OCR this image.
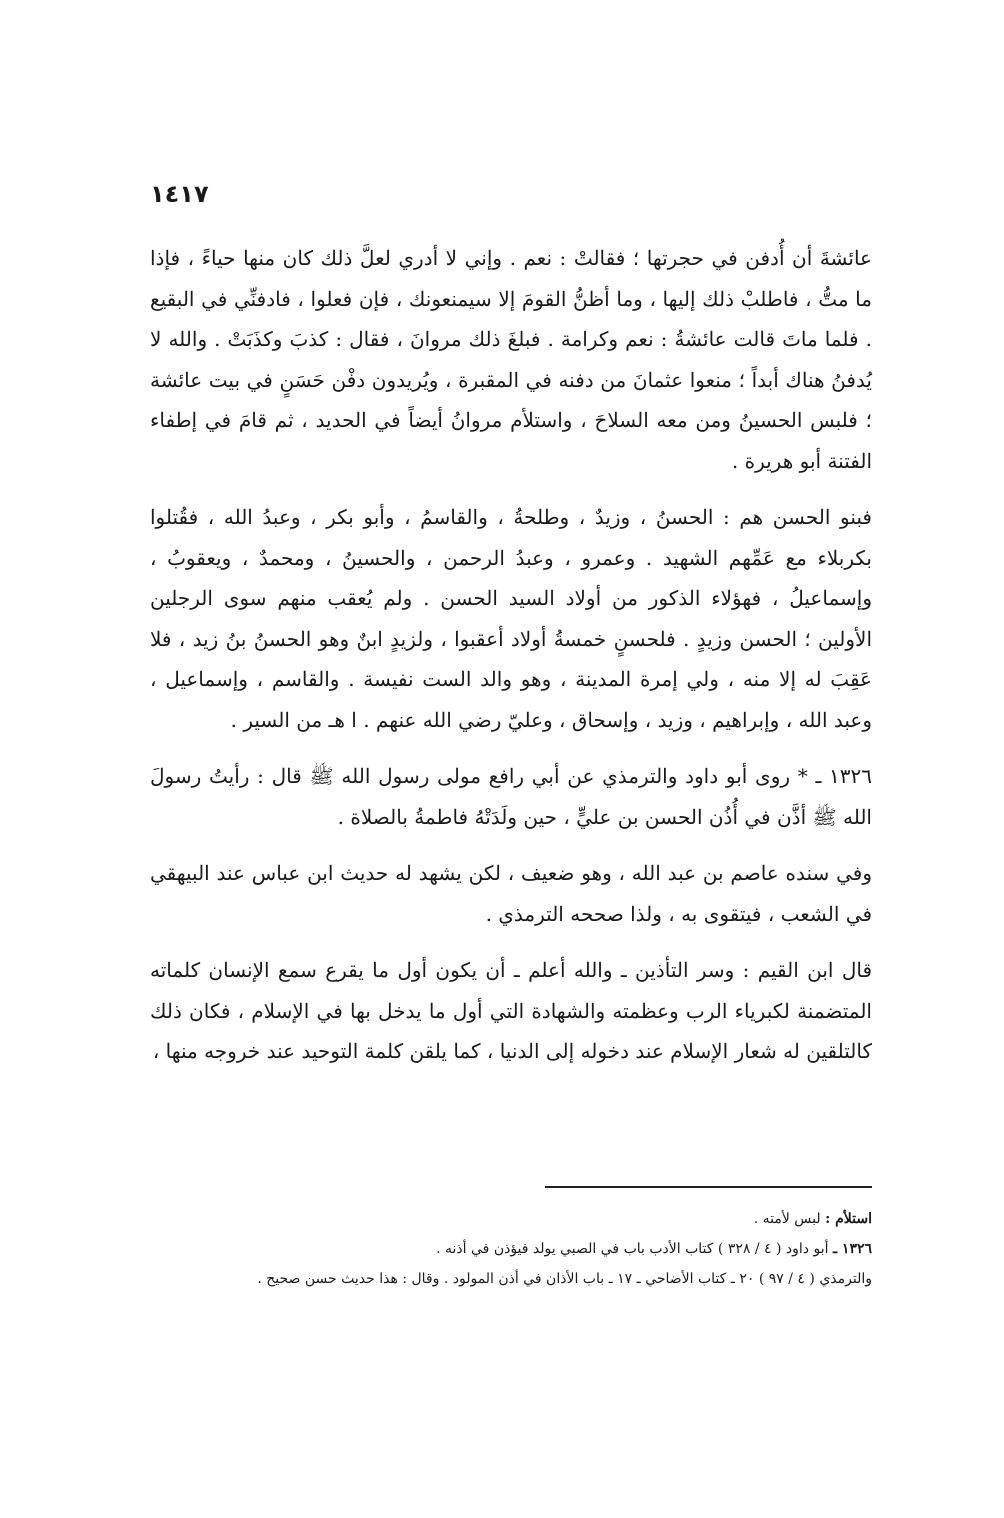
١٤١٧

عائشةَ أن أُدفن في حجرتها ؛ فقالتْ : نعم . وإني لا أدري لعلَّ ذلك كان منها حياءً ، فإذا ما متُّ ، فاطلبْ ذلك إليها ، وما أظنُّ القومَ إلا سيمنعونك ، فإن فعلوا ، فادفنِّي في البقيع . فلما ماتَ قالت عائشةُ : نعم وكرامة . فبلغَ ذلك مروانَ ، فقال : كذبَ وكذَبَتْ . والله لا يُدفنُ هناك أبداً ؛ منعوا عثمانَ من دفنه في المقبرة ، ويُريدون دفْن حَسَنٍ في بيت عائشة ؛ فلبس الحسينُ ومن معه السلاحَ ، واستلأم مروانُ أيضاً في الحديد ، ثم قامَ في إطفاء الفتنة أبو هريرة .

فبنو الحسن هم : الحسنُ ، وزيدٌ ، وطلحةُ ، والقاسمُ ، وأبو بكر ، وعبدُ الله ، فقُتلوا بكربلاء مع عَمِّهم الشهيد . وعمرو ، وعبدُ الرحمن ، والحسينُ ، ومحمدٌ ، ويعقوبُ ، وإسماعيلُ ، فهؤلاء الذكور من أولاد السيد الحسن . ولم يُعقب منهم سوى الرجلين الأولين ؛ الحسن وزيدٍ . فلحسنٍ خمسةُ أولاد أعقبوا ، ولزيدٍ ابنٌ وهو الحسنُ بنُ زيد ، فلا عَقِبَ له إلا منه ، ولي إمرة المدينة ، وهو والد الست نفيسة . والقاسم ، وإسماعيل ، وعبد الله ، وإبراهيم ، وزيد ، وإسحاق ، وعليّ رضي الله عنهم . ا هـ من السير .

١٣٢٦ ـ * روى أبو داود والترمذي عن أبي رافع مولى رسول الله ﷺ قال : رأيتُ رسولَ الله ﷺ أذَّن في أُذُن الحسن بن عليٍّ ، حين ولَدَتْهُ فاطمةُ بالصلاة .

وفي سنده عاصم بن عبد الله ، وهو ضعيف ، لكن يشهد له حديث ابن عباس عند البيهقي في الشعب ، فيتقوى به ، ولذا صححه الترمذي .

قال ابن القيم : وسر التأذين ـ والله أعلم ـ أن يكون أول ما يقرع سمع الإنسان كلماته المتضمنة لكبرياء الرب وعظمته والشهادة التي أول ما يدخل بها في الإسلام ، فكان ذلك كالتلقين له شعار الإسلام عند دخوله إلى الدنيا ، كما يلقن كلمة التوحيد عند خروجه منها ،

استلأم : لبس لأمته .

١٣٢٦ ـ أبو داود ( ٤ / ٣٢٨ ) كتاب الأدب باب في الصبي يولد فيؤذن في أذنه .

والترمذي ( ٤ / ٩٧ ) ٢٠ ـ كتاب الأضاحي ـ ١٧ ـ باب الأذان في أذن المولود . وقال : هذا حديث حسن صحيح .
